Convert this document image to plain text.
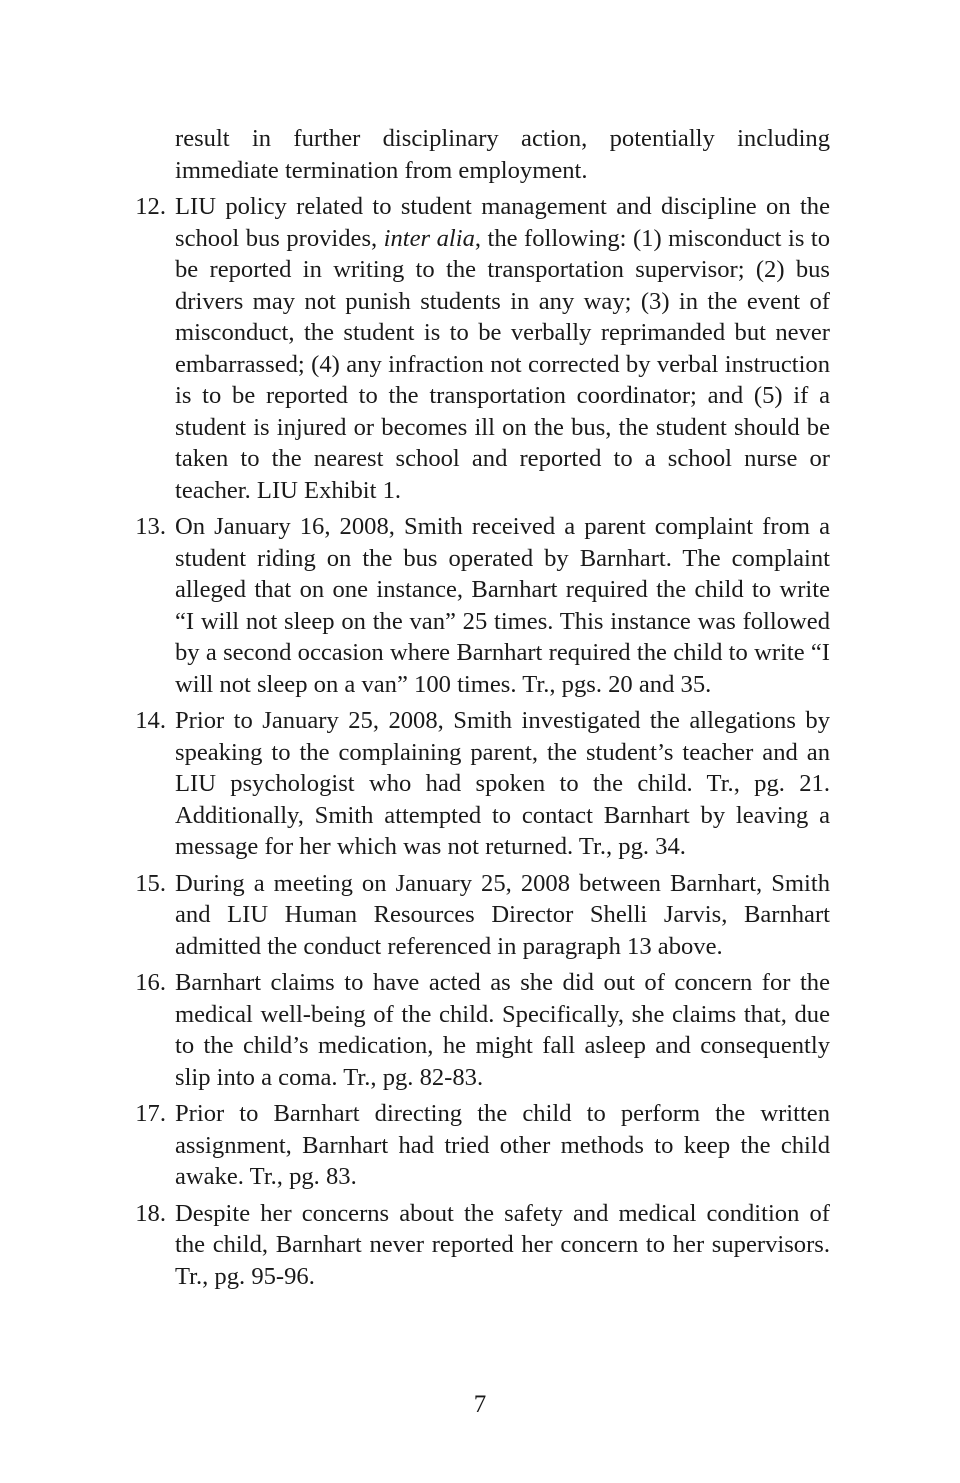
result in further disciplinary action, potentially including immediate termination from employment.

12. LIU policy related to student management and discipline on the school bus provides, inter alia, the following: (1) misconduct is to be reported in writing to the transportation supervisor; (2) bus drivers may not punish students in any way; (3) in the event of misconduct, the student is to be verbally reprimanded but never embarrassed; (4) any infraction not corrected by verbal instruction is to be reported to the transportation coordinator; and (5) if a student is injured or becomes ill on the bus, the student should be taken to the nearest school and reported to a school nurse or teacher. LIU Exhibit 1.
13. On January 16, 2008, Smith received a parent complaint from a student riding on the bus operated by Barnhart. The complaint alleged that on one instance, Barnhart required the child to write “I will not sleep on the van” 25 times. This instance was followed by a second occasion where Barnhart required the child to write “I will not sleep on a van” 100 times. Tr., pgs. 20 and 35.
14. Prior to January 25, 2008, Smith investigated the allegations by speaking to the complaining parent, the student’s teacher and an LIU psychologist who had spoken to the child. Tr., pg. 21. Additionally, Smith attempted to contact Barnhart by leaving a message for her which was not returned. Tr., pg. 34.
15. During a meeting on January 25, 2008 between Barnhart, Smith and LIU Human Resources Director Shelli Jarvis, Barnhart admitted the conduct referenced in paragraph 13 above.
16. Barnhart claims to have acted as she did out of concern for the medical well-being of the child. Specifically, she claims that, due to the child’s medication, he might fall asleep and consequently slip into a coma. Tr., pg. 82-83.
17. Prior to Barnhart directing the child to perform the written assignment, Barnhart had tried other methods to keep the child awake. Tr., pg. 83.
18. Despite her concerns about the safety and medical condition of the child, Barnhart never reported her concern to her supervisors. Tr., pg. 95-96.
7
